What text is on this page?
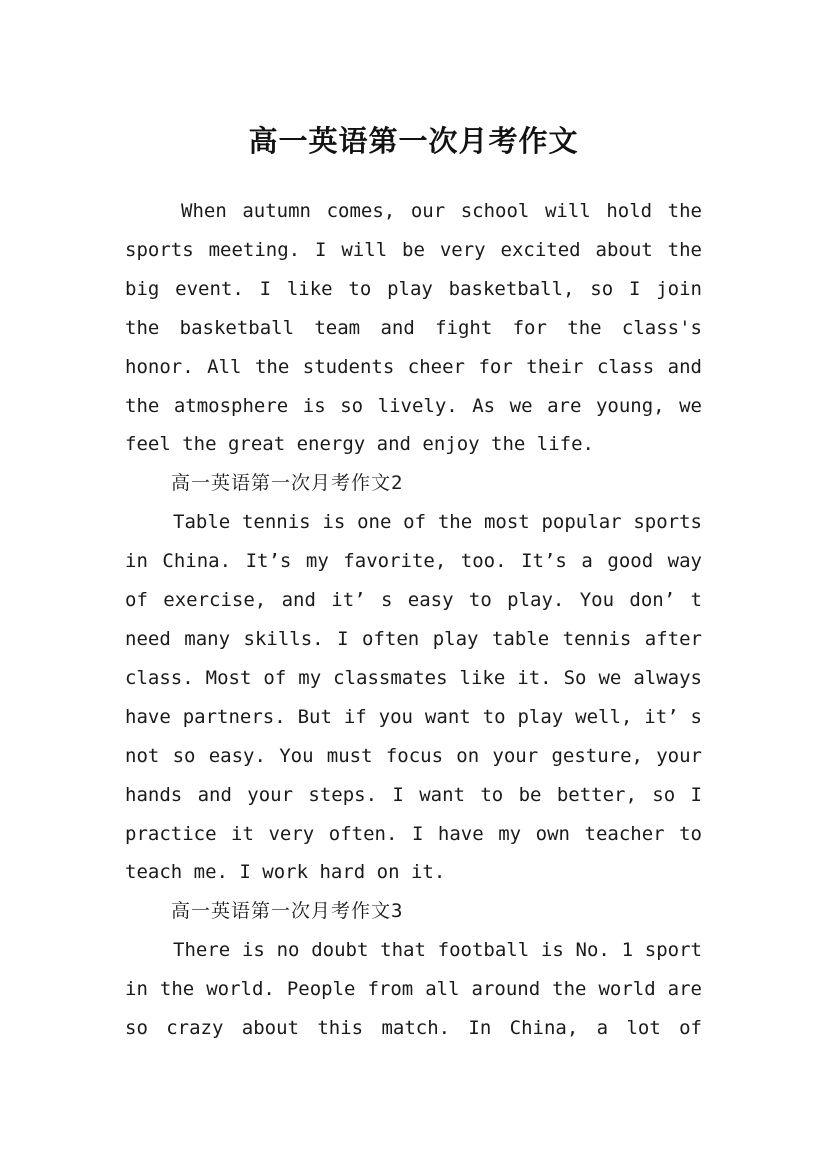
高一英语第一次月考作文

When autumn comes, our school will hold the sports meeting. I will be very excited about the big event. I like to play basketball, so I join the basketball team and fight for the class's honor. All the students cheer for their class and the atmosphere is so lively. As we are young, we feel the great energy and enjoy the life.

高一英语第一次月考作文2

Table tennis is one of the most popular sports in China. It’s my favorite, too. It’s a good way of exercise, and it’ s easy to play. You don’ t need many skills. I often play table tennis after class. Most of my classmates like it. So we always have partners. But if you want to play well, it’ s not so easy. You must focus on your gesture, your hands and your steps. I want to be better, so I practice it very often. I have my own teacher to teach me. I work hard on it.

高一英语第一次月考作文3

There is no doubt that football is No. 1 sport in the world. People from all around the world are so crazy about this match. In China, a lot of
